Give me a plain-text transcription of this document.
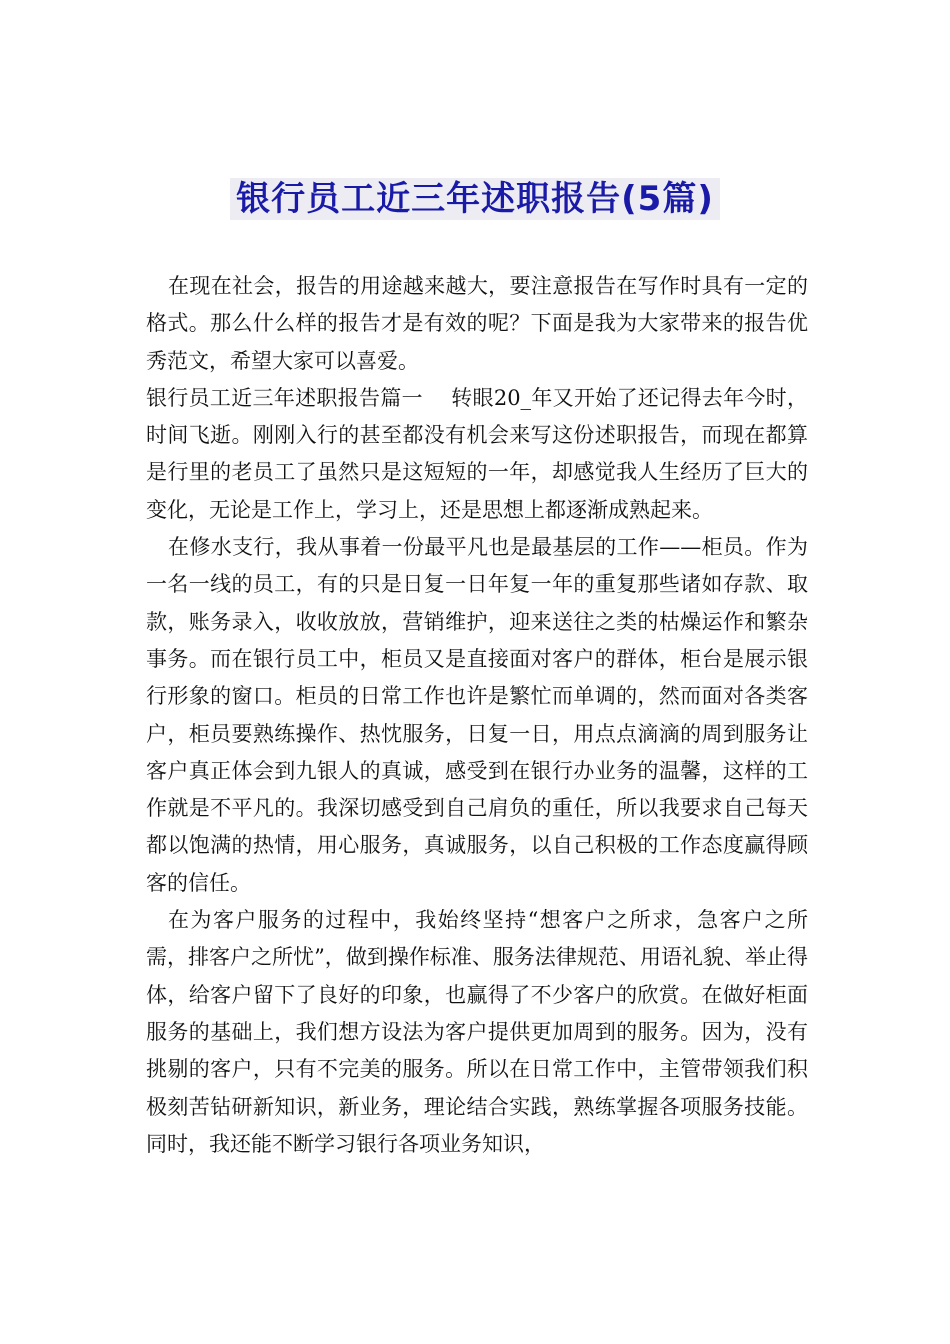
银行员工近三年述职报告(5篇)

在现在社会，报告的用途越来越大，要注意报告在写作时具有一定的格式。那么什么样的报告才是有效的呢？下面是我为大家带来的报告优秀范文，希望大家可以喜爱。

银行员工近三年述职报告篇一　 转眼20_年又开始了还记得去年今时，时间飞逝。刚刚入行的甚至都没有机会来写这份述职报告，而现在都算是行里的老员工了虽然只是这短短的一年，却感觉我人生经历了巨大的变化，无论是工作上，学习上，还是思想上都逐渐成熟起来。

在修水支行，我从事着一份最平凡也是最基层的工作——柜员。作为一名一线的员工，有的只是日复一日年复一年的重复那些诸如存款、取款，账务录入，收收放放，营销维护，迎来送往之类的枯燥运作和繁杂事务。而在银行员工中，柜员又是直接面对客户的群体，柜台是展示银行形象的窗口。柜员的日常工作也许是繁忙而单调的，然而面对各类客户，柜员要熟练操作、热忱服务，日复一日，用点点滴滴的周到服务让客户真正体会到九银人的真诚，感受到在银行办业务的温馨，这样的工作就是不平凡的。我深切感受到自己肩负的重任，所以我要求自己每天都以饱满的热情，用心服务，真诚服务，以自己积极的工作态度赢得顾客的信任。

在为客户服务的过程中，我始终坚持“想客户之所求，急客户之所需，排客户之所忧”，做到操作标准、服务法律规范、用语礼貌、举止得体，给客户留下了良好的印象，也赢得了不少客户的欣赏。在做好柜面服务的基础上，我们想方设法为客户提供更加周到的服务。因为，没有挑剔的客户，只有不完美的服务。所以在日常工作中，主管带领我们积极刻苦钻研新知识，新业务，理论结合实践，熟练掌握各项服务技能。同时，我还能不断学习银行各项业务知识，
